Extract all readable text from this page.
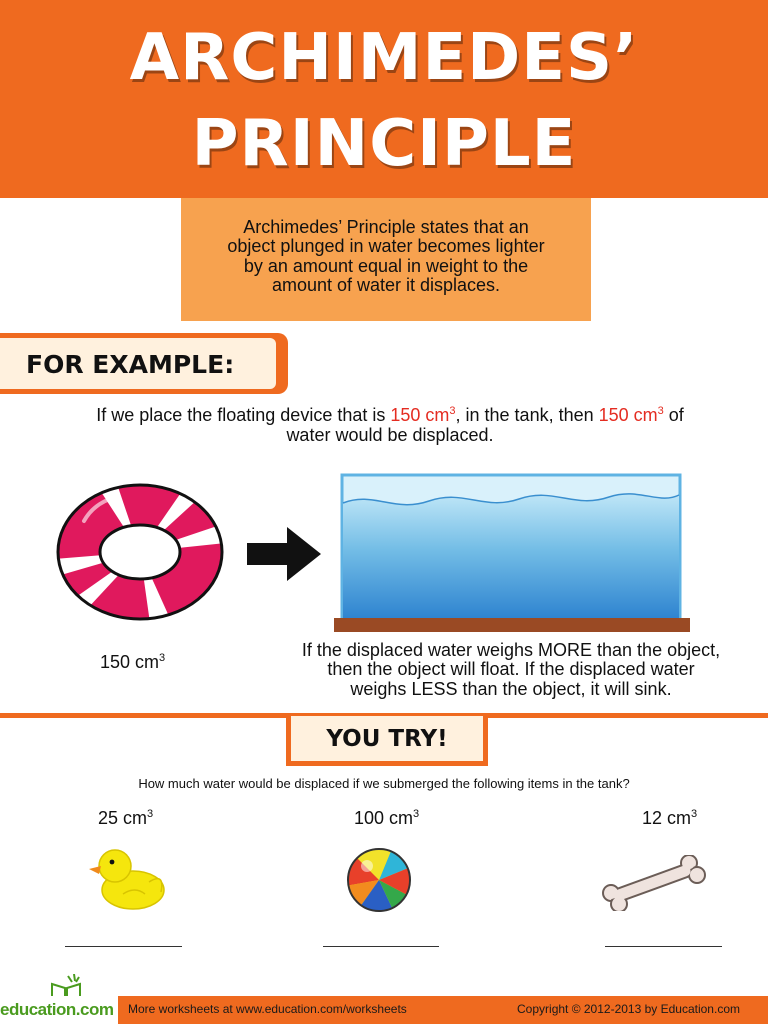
ARCHIMEDES’
PRINCIPLE
Archimedes’ Principle states that an
object plunged in water becomes lighter
by an amount equal in weight to the
amount of water it displaces.
FOR EXAMPLE:
If we place the floating device that is 150 $cm^3$, in the tank, then 150 $cm^3$ of
water would be displaced.
150 $cm^3$	If the displaced water weighs MORE than the object,
then the object will float. If the displaced water
weighs LESS than the object, it will sink.
YOU TRY!
How much water would be displaced if we submerged the following items in the tank?
25 $cm^3$	100 $cm^3$	12 $cm^3$
education.com More worksheets at www.education.com/worksheets	Copyright © 2012-2013 by Education.com
